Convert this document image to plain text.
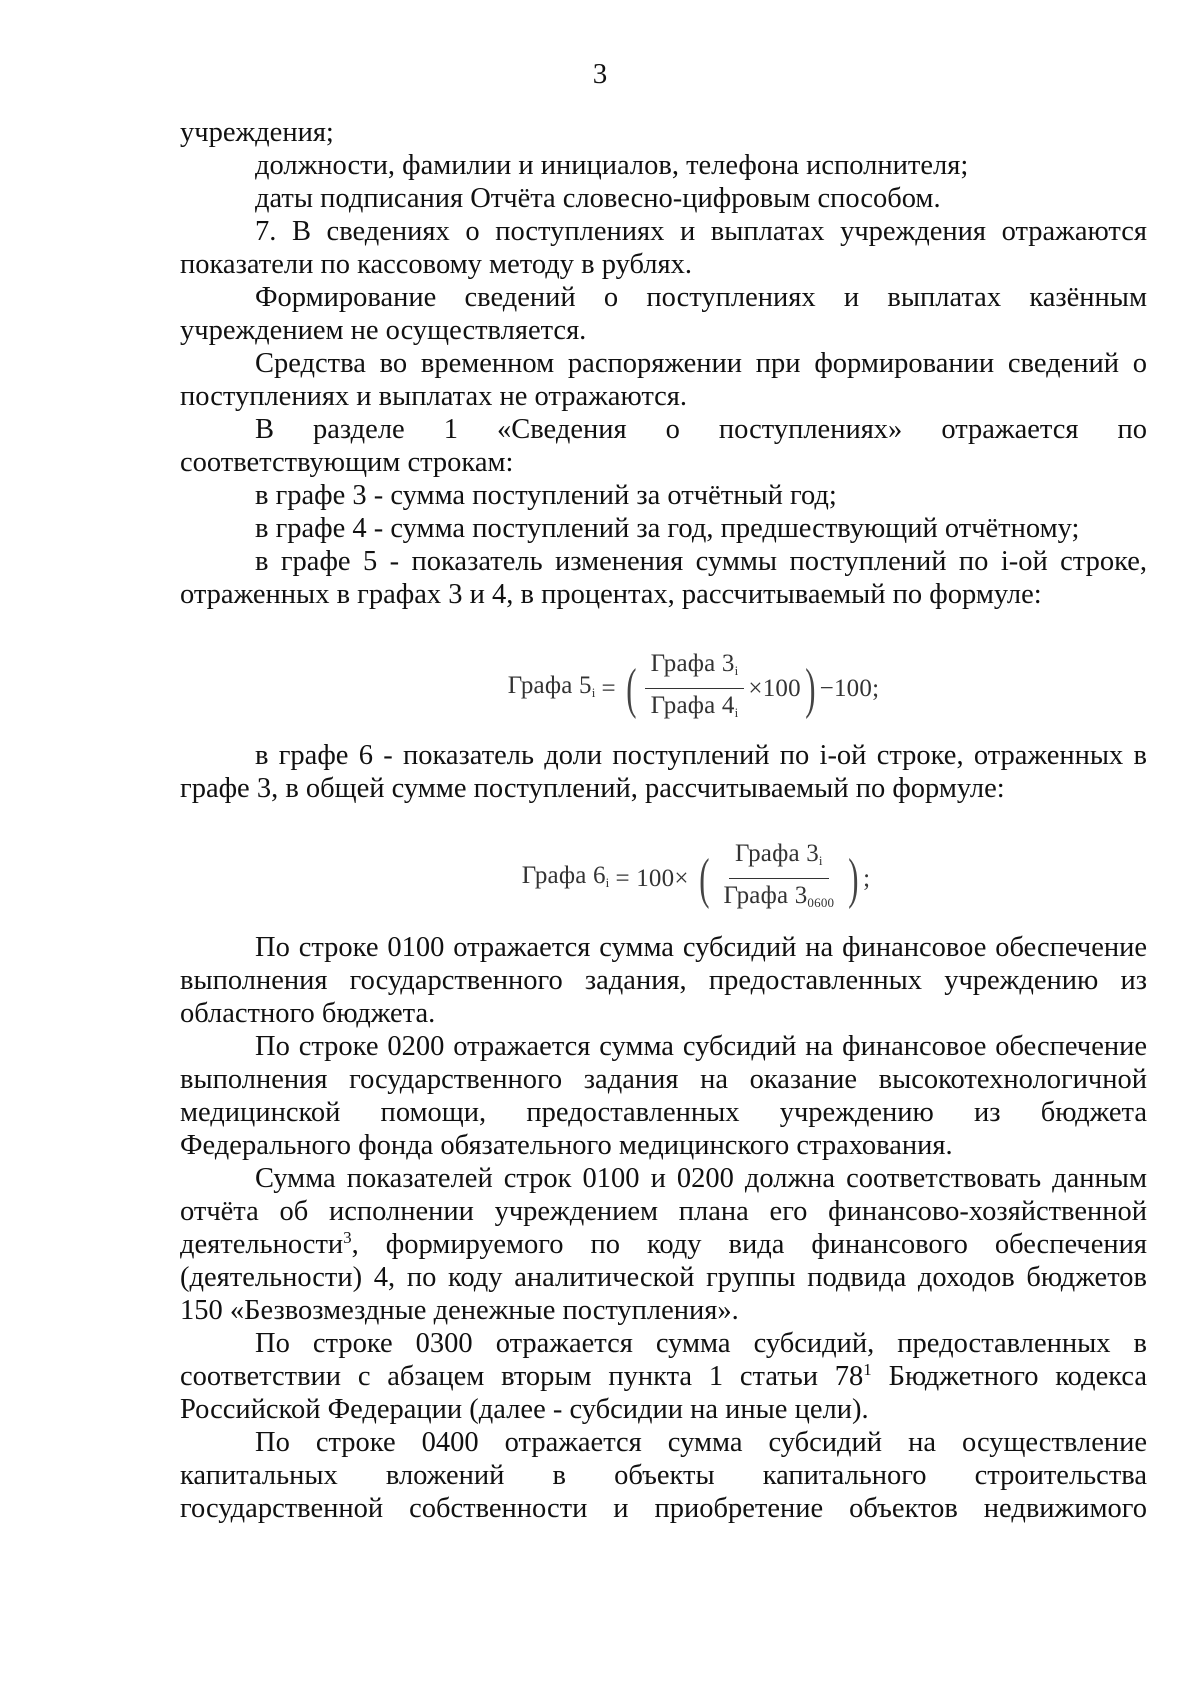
3

учреждения;

должности, фамилии и инициалов, телефона исполнителя;

даты подписания Отчёта словесно-цифровым способом.

7. В сведениях о поступлениях и выплатах учреждения отражаются показатели по кассовому методу в рублях.

Формирование сведений о поступлениях и выплатах казённым учреждением не осуществляется.

Средства во временном распоряжении при формировании сведений о поступлениях и выплатах не отражаются.

В разделе 1 «Сведения о поступлениях» отражается по соответствующим строкам:

в графе 3 - сумма поступлений за отчётный год;

в графе 4 - сумма поступлений за год, предшествующий отчётному;

в графе 5 - показатель изменения суммы поступлений по i-ой строке, отраженных в графах 3 и 4, в процентах, рассчитываемый по формуле:

Графа $5_i$ = ( $\frac{Графа 3_i}{Графа 4_i} \times 100$ ) −100;

в графе 6 - показатель доли поступлений по i-ой строке, отраженных в графе 3, в общей сумме поступлений, рассчитываемый по формуле:

Графа $6_i = 100\times$ ( $\frac{Графа 3_i}{Графа 3_{0600}}$ ) ;

По строке 0100 отражается сумма субсидий на финансовое обеспечение выполнения государственного задания, предоставленных учреждению из областного бюджета.

По строке 0200 отражается сумма субсидий на финансовое обеспечение выполнения государственного задания на оказание высокотехнологичной медицинской помощи, предоставленных учреждению из бюджета Федерального фонда обязательного медицинского страхования.

Сумма показателей строк 0100 и 0200 должна соответствовать данным отчёта об исполнении учреждением плана его финансово-хозяйственной деятельности$^3$, формируемого по коду вида финансового обеспечения (деятельности) 4, по коду аналитической группы подвида доходов бюджетов 150 «Безвозмездные денежные поступления».

По строке 0300 отражается сумма субсидий, предоставленных в соответствии с абзацем вторым пункта 1 статьи $78^1$ Бюджетного кодекса Российской Федерации (далее - субсидии на иные цели).

По строке 0400 отражается сумма субсидий на осуществление капитальных вложений в объекты капитального строительства государственной собственности и приобретение объектов недвижимого
